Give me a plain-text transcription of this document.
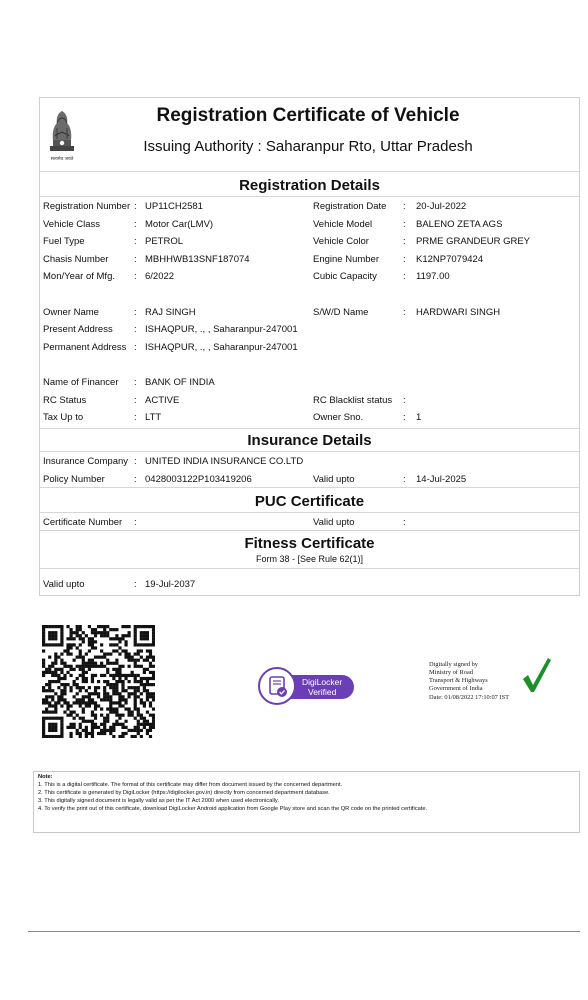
सत्यमेव जयते
Registration Certificate of Vehicle
Issuing Authority : Saharanpur Rto, Uttar Pradesh
Registration Details
Registration Number : UP11CH2581	Registration Date : 20-Jul-2022
Vehicle Class	: Motor Car(LMV)	Vehicle Model	: BALENO ZETA AGS
Fuel Type	: PETROL	Vehicle Color	: PRME GRANDEUR GREY
Chasis Number	: MBHHWB13SNF187074	Engine Number	: K12NP7079424
Mon/Year of Mfg. : 6/2022	Cubic Capacity	: 1197.00
Owner Name	: RAJ SINGH	S/W/D Name	: HARDWARI SINGH
Present Address : ISHAQPUR, ., , Saharanpur-247001
Permanent Address : ISHAQPUR, ., , Saharanpur-247001
Name of Financer : BANK OF INDIA
RC Status	: ACTIVE	RC Blacklist status :
Tax Up to	: LTT	Owner Sno.	: 1
Insurance Details
Insurance Company : UNITED INDIA INSURANCE CO.LTD
Policy Number	: 0428003122P103419206	Valid upto	: 14-Jul-2025
PUC Certificate
Certificate Number :	Valid upto	:
Fitness Certificate
Form 38 - [See Rule 62(1)]
Valid upto	: 19-Jul-2037
DigiLocker
Verified
Digitally signed by
Ministry of Road
Transport & Highways
Government of India
Date: 01/08/2022 17:10:07 IST
Note:
1. This is a digital certificate. The format of this certificate may differ from document issued by the concerned department.
2. This certificate is generated by DigiLocker (https://digilocker.gov.in) directly from concerned department database.
3. This digitally signed document is legally valid as per the IT Act 2000 when used electronically.
4. To verify the print out of this certificate, download DigiLocker Android application from Google Play store and scan the QR code on the printed certificate.
